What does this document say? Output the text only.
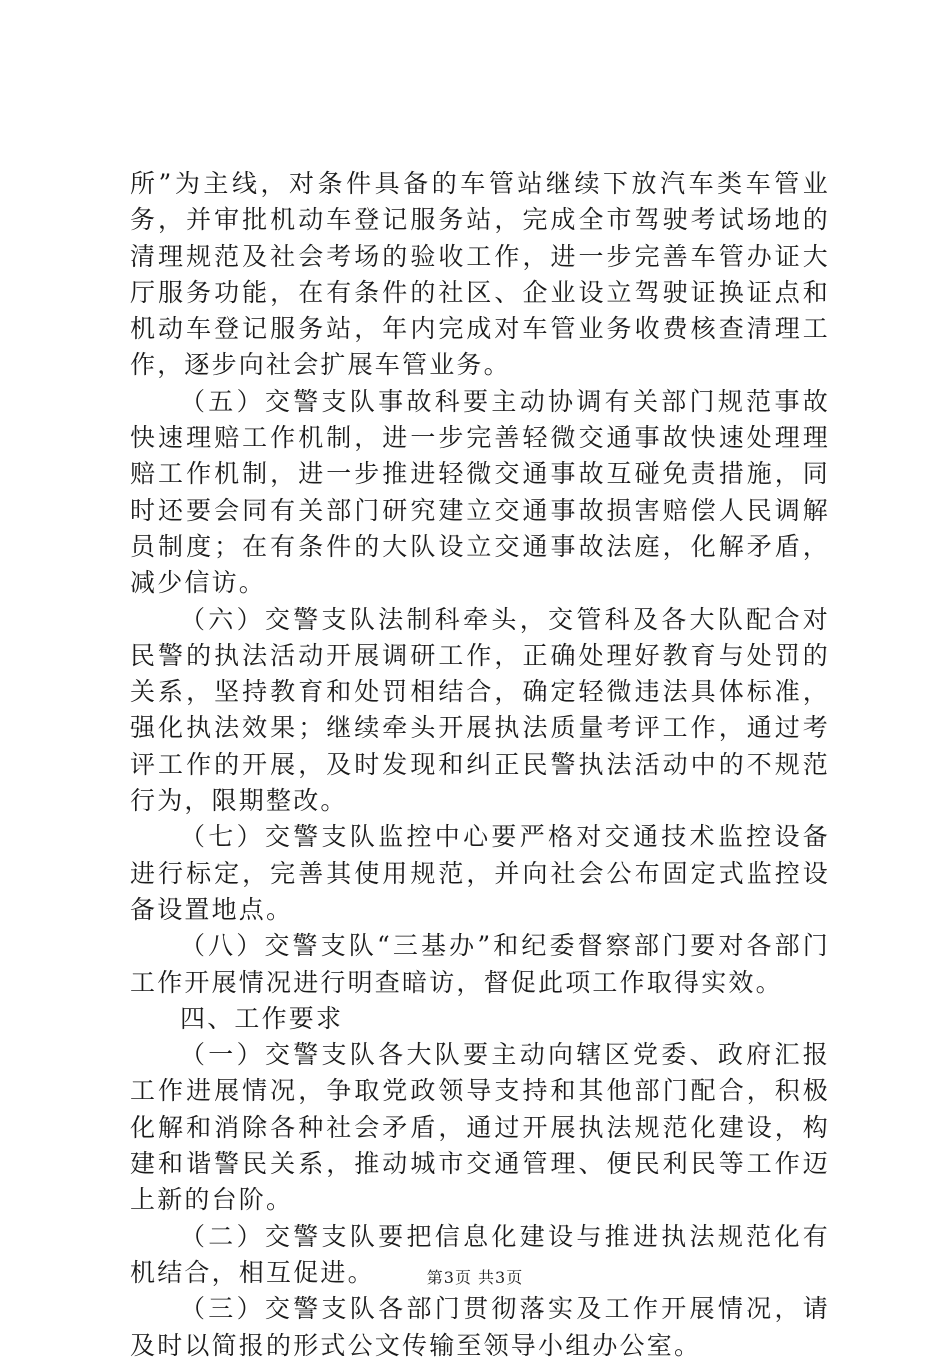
所”为主线，对条件具备的车管站继续下放汽车类车管业务，并审批机动车登记服务站，完成全市驾驶考试场地的清理规范及社会考场的验收工作，进一步完善车管办证大厅服务功能，在有条件的社区、企业设立驾驶证换证点和机动车登记服务站，年内完成对车管业务收费核查清理工作，逐步向社会扩展车管业务。

（五）交警支队事故科要主动协调有关部门规范事故快速理赔工作机制，进一步完善轻微交通事故快速处理理赔工作机制，进一步推进轻微交通事故互碰免责措施，同时还要会同有关部门研究建立交通事故损害赔偿人民调解员制度；在有条件的大队设立交通事故法庭，化解矛盾，减少信访。

（六）交警支队法制科牵头，交管科及各大队配合对民警的执法活动开展调研工作，正确处理好教育与处罚的关系，坚持教育和处罚相结合，确定轻微违法具体标准，强化执法效果；继续牵头开展执法质量考评工作，通过考评工作的开展，及时发现和纠正民警执法活动中的不规范行为，限期整改。

（七）交警支队监控中心要严格对交通技术监控设备进行标定，完善其使用规范，并向社会公布固定式监控设备设置地点。

（八）交警支队“三基办”和纪委督察部门要对各部门工作开展情况进行明查暗访，督促此项工作取得实效。

四、工作要求

（一）交警支队各大队要主动向辖区党委、政府汇报工作进展情况，争取党政领导支持和其他部门配合，积极化解和消除各种社会矛盾，通过开展执法规范化建设，构建和谐警民关系，推动城市交通管理、便民利民等工作迈上新的台阶。

（二）交警支队要把信息化建设与推进执法规范化有机结合，相互促进。

（三）交警支队各部门贯彻落实及工作开展情况，请及时以简报的形式公文传输至领导小组办公室。

第3页 共3页
